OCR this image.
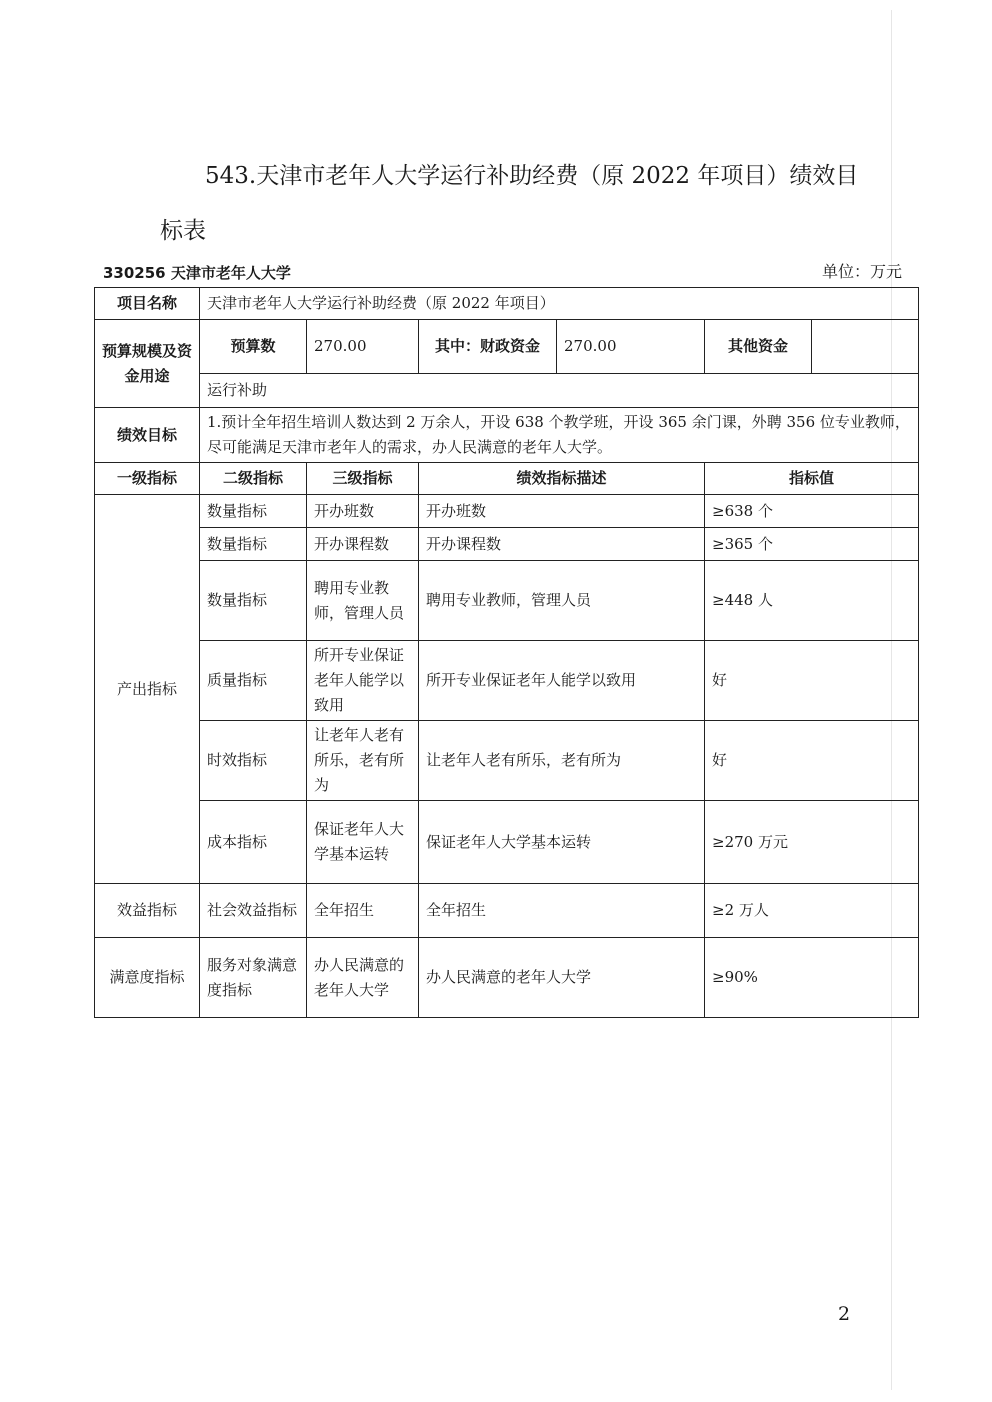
543.天津市老年人大学运行补助经费（原 2022 年项目）绩效目
标表
330256 天津市老年人大学	单位：万元
项目名称	天津市老年人大学运行补助经费（原 2022 年项目）					
预算规模及资金用途	预算数	270.00	其中：财政资金	270.00	其他资金	
	运行补助					
绩效目标	1.预计全年招生培训人数达到 2 万余人，开设 638 个教学班，开设 365 余门课，外聘 356 位专业教师，尽可能满足天津市老年人的需求，办人民满意的老年人大学。					
一级指标	二级指标	三级指标	绩效指标描述		指标值	
产出指标	数量指标	开办班数	开办班数		≥638 个	
	数量指标	开办课程数	开办课程数		≥365 个	
	数量指标	聘用专业教师，管理人员	聘用专业教师，管理人员		≥448 人	
	质量指标	所开专业保证老年人能学以致用	所开专业保证老年人能学以致用		好	
	时效指标	让老年人老有所乐，老有所为	让老年人老有所乐，老有所为		好	
	成本指标	保证老年人大学基本运转	保证老年人大学基本运转		≥270 万元	
效益指标	社会效益指标	全年招生	全年招生		≥2 万人	
满意度指标	服务对象满意度指标	办人民满意的老年人大学	办人民满意的老年人大学		≥90%	
2
